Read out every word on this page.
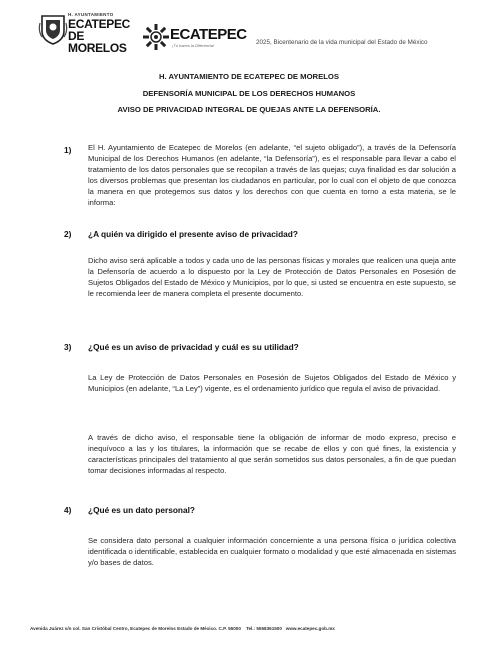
H. AYUNTAMIENTO
ECATEPEC
DE MORELOS
ECATEPEC
¡Tú haces la Diferencia!	2025, Bicentenario de la vida municipal del Estado de México
H. AYUNTAMIENTO DE ECATEPEC DE MORELOS
DEFENSORÍA MUNICIPAL DE LOS DERECHOS HUMANOS
AVISO DE PRIVACIDAD INTEGRAL DE QUEJAS ANTE LA DEFENSORÍA.
1) El H. Ayuntamiento de Ecatepec de Morelos (en adelante, “el sujeto obligado”), a través de la Defensoría Municipal de los Derechos Humanos (en adelante, “la Defensoría”), es el responsable para llevar a cabo el tratamiento de los datos personales que se recopilan a través de las quejas; cuya finalidad es dar solución a los diversos problemas que presentan los ciudadanos en particular, por lo cual con el objeto de que conozca la manera en que protegemos sus datos y los derechos con que cuenta en torno a esta materia, se le informa:
2) ¿A quién va dirigido el presente aviso de privacidad?
Dicho aviso será aplicable a todos y cada uno de las personas físicas y morales que realicen una queja ante la Defensoría de acuerdo a lo dispuesto por la Ley de Protección de Datos Personales en Posesión de Sujetos Obligados del Estado de México y Municipios, por lo que, si usted se encuentra en este supuesto, se le recomienda leer de manera completa el presente documento.
3) ¿Qué es un aviso de privacidad y cuál es su utilidad?
La Ley de Protección de Datos Personales en Posesión de Sujetos Obligados del Estado de México y Municipios (en adelante, “La Ley”) vigente, es el ordenamiento jurídico que regula el aviso de privacidad.
A través de dicho aviso, el responsable tiene la obligación de informar de modo expreso, preciso e inequívoco a las y los titulares, la información que se recabe de ellos y con qué fines, la existencia y características principales del tratamiento al que serán sometidos sus datos personales, a fin de que puedan tomar decisiones informadas al respecto.
4) ¿Qué es un dato personal?
Se considera dato personal a cualquier información concerniente a una persona física o jurídica colectiva identificada o identificable, establecida en cualquier formato o modalidad y que esté almacenada en sistemas y/o bases de datos.
Avenida Juárez s/n col. San Cristóbal Centro, Ecatepec de Morelos Estado de México. C.P. 55000 Tel.: 5558361500 www.ecatepec.gob.mx
